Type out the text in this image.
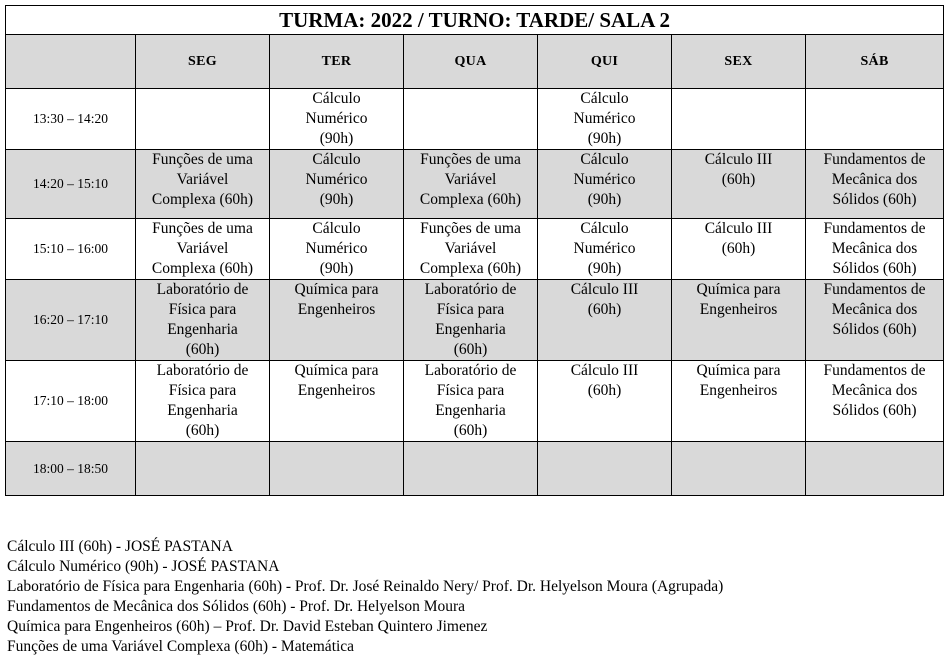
TURMA: 2022 / TURNO: TARDE/ SALA 2						
	SEG	TER	QUA	QUI	SEX	SÁB
13:30 – 14:20		Cálculo
Numérico
(90h)		Cálculo
Numérico
(90h)		

14:20 – 15:10	Funções de uma
Variável
Complexa (60h)	Cálculo
Numérico
(90h)	Funções de uma
Variável
Complexa (60h)	Cálculo
Numérico
(90h)	Cálculo III
(60h)	Fundamentos de
Mecânica dos
Sólidos (60h)

15:10 – 16:00	Funções de uma
Variável
Complexa (60h)	Cálculo
Numérico
(90h)	Funções de uma
Variável
Complexa (60h)	Cálculo
Numérico
(90h)	Cálculo III
(60h)	Fundamentos de
Mecânica dos
Sólidos (60h)

16:20 – 17:10	Laboratório de
Física para
Engenharia
(60h)	Química para
Engenheiros	Laboratório de
Física para
Engenharia
(60h)	Cálculo III
(60h)	Química para
Engenheiros	Fundamentos de
Mecânica dos
Sólidos (60h)

17:10 – 18:00	Laboratório de
Física para
Engenharia
(60h)	Química para
Engenheiros	Laboratório de
Física para
Engenharia
(60h)	Cálculo III
(60h)	Química para
Engenheiros	Fundamentos de
Mecânica dos
Sólidos (60h)

18:00 – 18:50	

Cálculo III (60h) - JOSÉ PASTANA
Cálculo Numérico (90h) - JOSÉ PASTANA
Laboratório de Física para Engenharia (60h) - Prof. Dr. José Reinaldo Nery/ Prof. Dr. Helyelson Moura (Agrupada)
Fundamentos de Mecânica dos Sólidos (60h) - Prof. Dr. Helyelson Moura
Química para Engenheiros (60h) – Prof. Dr. David Esteban Quintero Jimenez
Funções de uma Variável Complexa (60h) - Matemática
